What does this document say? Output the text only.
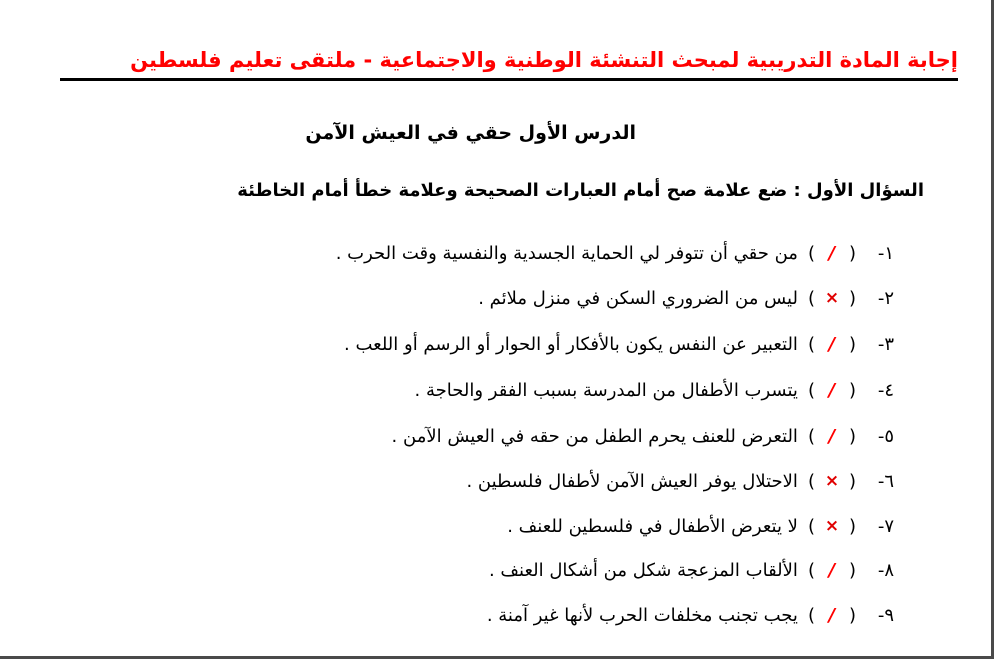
إجابة المادة التدريبية لمبحث التنشئة الوطنية والاجتماعية - ملتقى تعليم فلسطين
الدرس الأول حقي في العيش الآمن
السؤال الأول : ضع علامة صح أمام العبارات الصحيحة وعلامة خطأ أمام الخاطئة
١-
(
/
)
من حقي أن تتوفر لي الحماية الجسدية والنفسية وقت الحرب .
٢-
(
×
)
ليس من الضروري السكن في منزل ملائم .
٣-
(
/
)
التعبير عن النفس يكون بالأفكار أو الحوار أو الرسم أو اللعب .
٤-
(
/
)
يتسرب الأطفال من المدرسة بسبب الفقر والحاجة .
٥-
(
/
)
التعرض للعنف يحرم الطفل من حقه في العيش الآمن .
٦-
(
×
)
الاحتلال يوفر العيش الآمن لأطفال فلسطين .
٧-
(
×
)
لا يتعرض الأطفال في فلسطين للعنف .
٨-
(
/
)
الألقاب المزعجة شكل من أشكال العنف .
٩-
(
/
)
يجب تجنب مخلفات الحرب لأنها غير آمنة .
